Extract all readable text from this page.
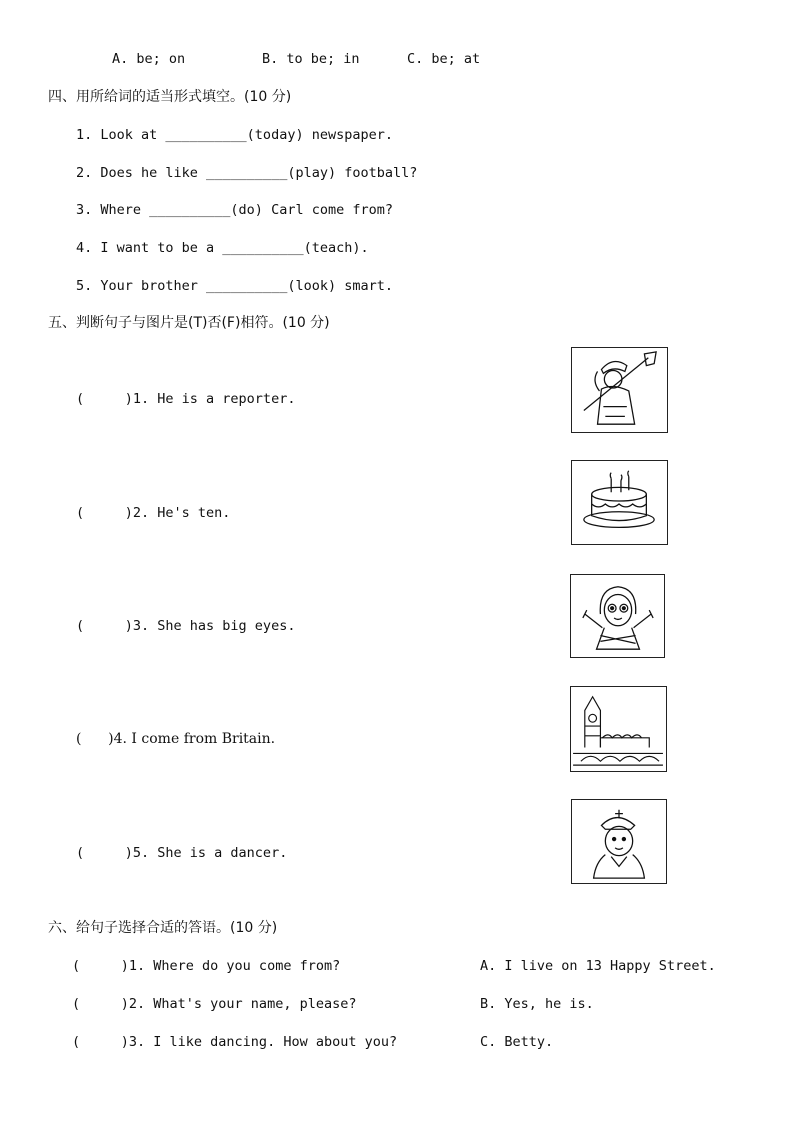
A. be; on	B. to be; in	C. be; at
四、用所给词的适当形式填空。(10 分)
1. Look at __________(today) newspaper.
2. Does he like __________(play) football?
3. Where __________(do) Carl come from?
4. I want to be a __________(teach).
5. Your brother __________(look) smart.
五、判断句子与图片是(T)否(F)相符。(10 分)
(     )1. He is a reporter.
(     )2. He's ten.
(     )3. She has big eyes.
(      )4. I come from Britain.
(     )5. She is a dancer.
六、给句子选择合适的答语。(10 分)
(     )1. Where do you come from?
(     )2. What's your name, please?
(     )3. I like dancing. How about you?
A. I live on 13 Happy Street.
B. Yes, he is.
C. Betty.
